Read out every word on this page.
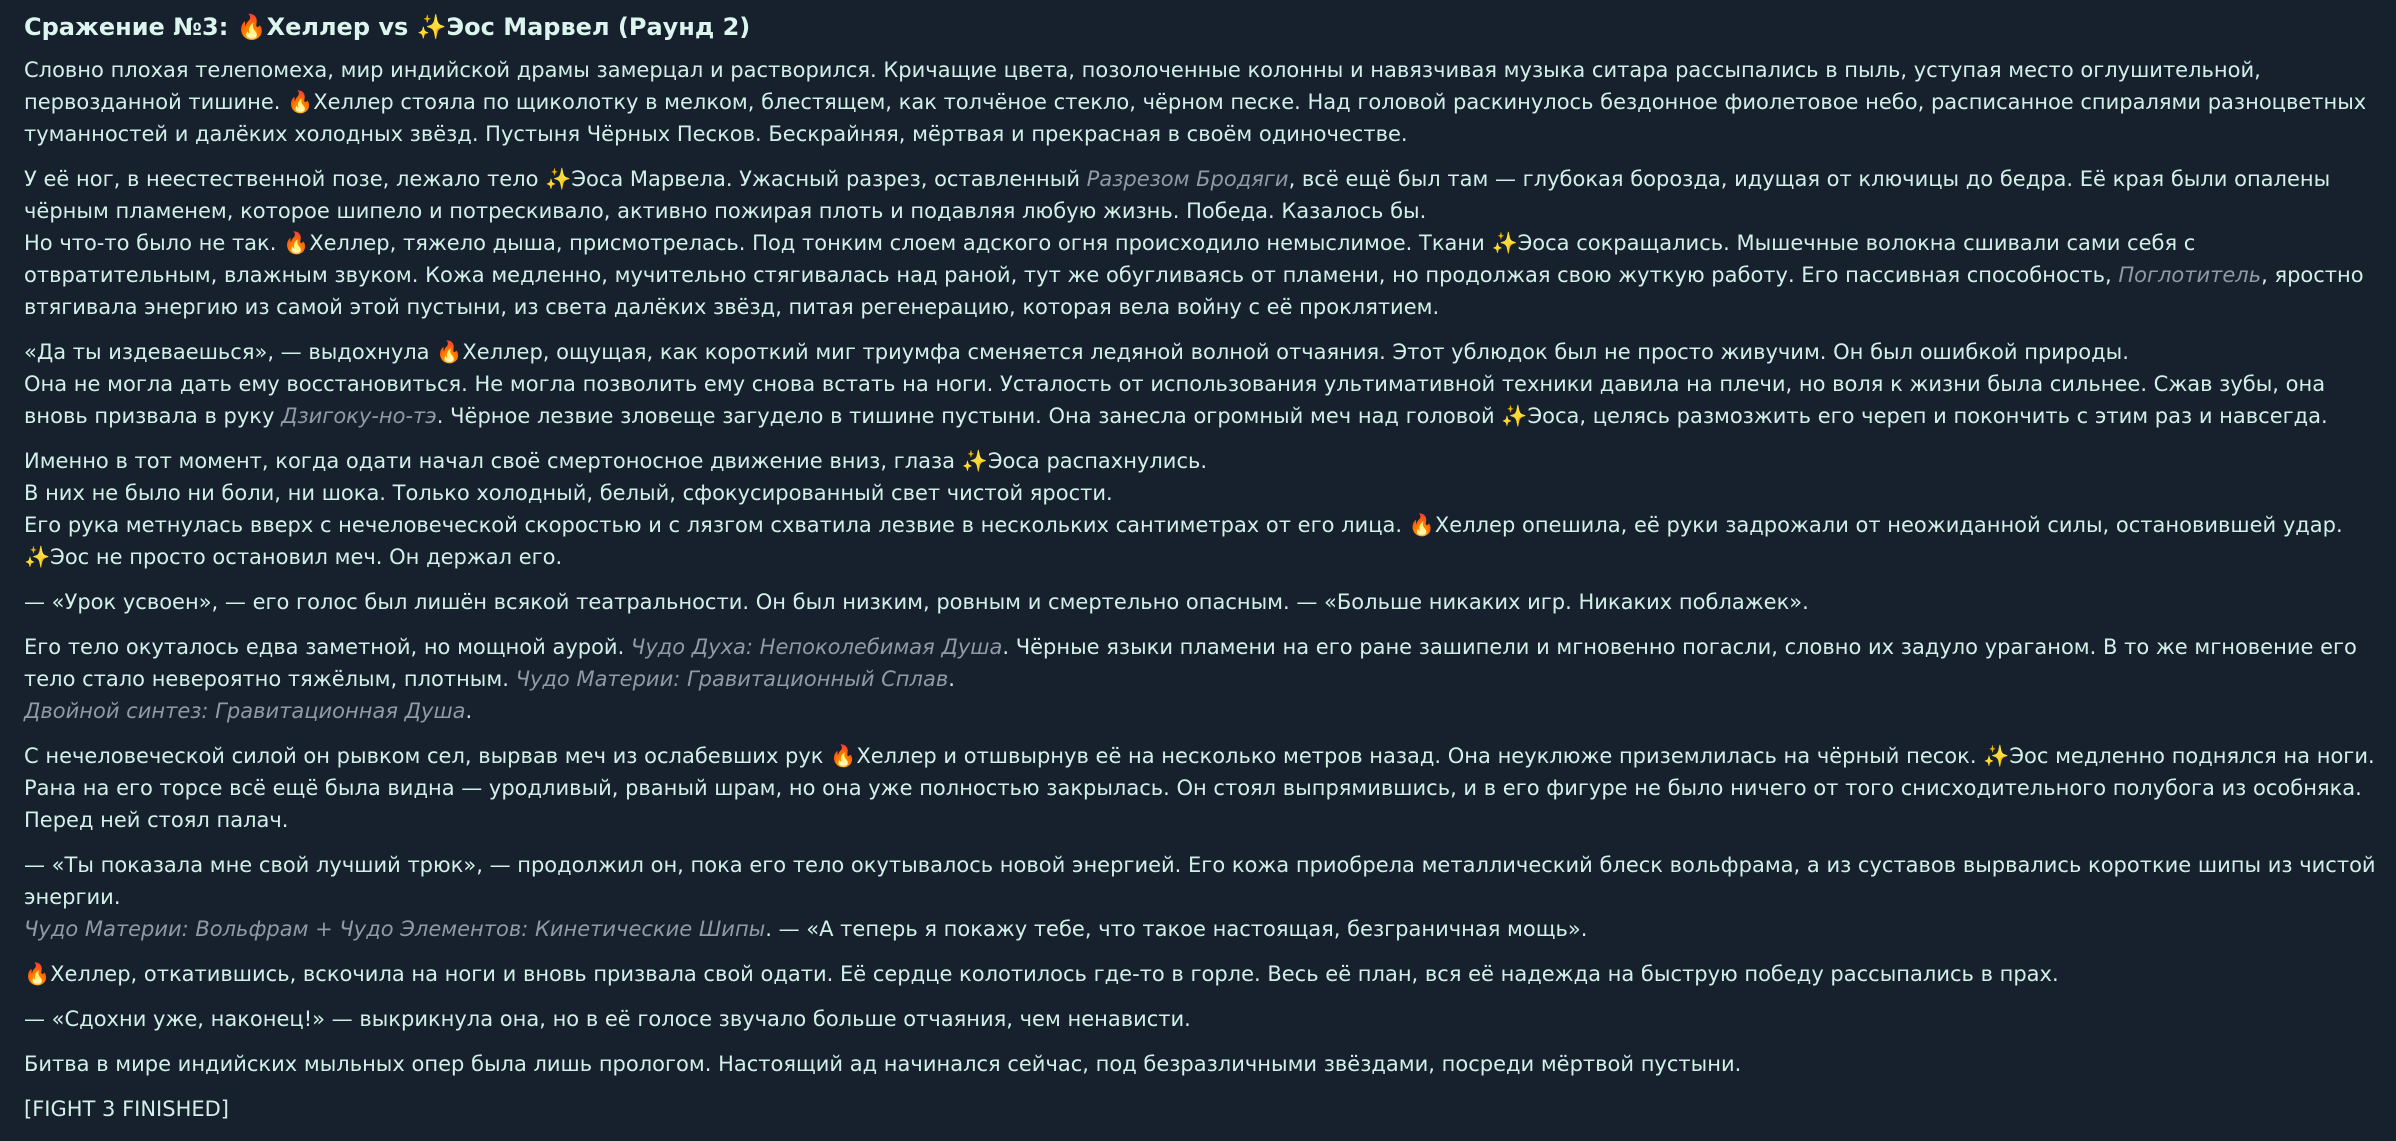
Сражение №3: 🔥Хеллер vs ✨Эос Марвел (Раунд 2)

Словно плохая телепомеха, мир индийской драмы замерцал и растворился. Кричащие цвета, позолоченные колонны и навязчивая музыка ситара рассыпались в пыль, уступая место оглушительной, первозданной тишине. 🔥Хеллер стояла по щиколотку в мелком, блестящем, как толчёное стекло, чёрном песке. Над головой раскинулось бездонное фиолетовое небо, расписанное спиралями разноцветных туманностей и далёких холодных звёзд. Пустыня Чёрных Песков. Бескрайняя, мёртвая и прекрасная в своём одиночестве.

У её ног, в неестественной позе, лежало тело ✨Эоса Марвела. Ужасный разрез, оставленный Разрезом Бродяги, всё ещё был там — глубокая борозда, идущая от ключицы до бедра. Её края были опалены чёрным пламенем, которое шипело и потрескивало, активно пожирая плоть и подавляя любую жизнь. Победа. Казалось бы.
Но что-то было не так. 🔥Хеллер, тяжело дыша, присмотрелась. Под тонким слоем адского огня происходило немыслимое. Ткани ✨Эоса сокращались. Мышечные волокна сшивали сами себя с отвратительным, влажным звуком. Кожа медленно, мучительно стягивалась над раной, тут же обугливаясь от пламени, но продолжая свою жуткую работу. Его пассивная способность, Поглотитель, яростно втягивала энергию из самой этой пустыни, из света далёких звёзд, питая регенерацию, которая вела войну с её проклятием.

«Да ты издеваешься», — выдохнула 🔥Хеллер, ощущая, как короткий миг триумфа сменяется ледяной волной отчаяния. Этот ублюдок был не просто живучим. Он был ошибкой природы.
Она не могла дать ему восстановиться. Не могла позволить ему снова встать на ноги. Усталость от использования ультимативной техники давила на плечи, но воля к жизни была сильнее. Сжав зубы, она вновь призвала в руку Дзигоку-но-тэ. Чёрное лезвие зловеще загудело в тишине пустыни. Она занесла огромный меч над головой ✨Эоса, целясь размозжить его череп и покончить с этим раз и навсегда.

Именно в тот момент, когда одати начал своё смертоносное движение вниз, глаза ✨Эоса распахнулись.
В них не было ни боли, ни шока. Только холодный, белый, сфокусированный свет чистой ярости.
Его рука метнулась вверх с нечеловеческой скоростью и с лязгом схватила лезвие в нескольких сантиметрах от его лица. 🔥Хеллер опешила, её руки задрожали от неожиданной силы, остановившей удар. ✨Эос не просто остановил меч. Он держал его.

— «Урок усвоен», — его голос был лишён всякой театральности. Он был низким, ровным и смертельно опасным. — «Больше никаких игр. Никаких поблажек».

Его тело окуталось едва заметной, но мощной аурой. Чудо Духа: Непоколебимая Душа. Чёрные языки пламени на его ране зашипели и мгновенно погасли, словно их задуло ураганом. В то же мгновение его тело стало невероятно тяжёлым, плотным. Чудо Материи: Гравитационный Сплав.
Двойной синтез: Гравитационная Душа.

С нечеловеческой силой он рывком сел, вырвав меч из ослабевших рук 🔥Хеллер и отшвырнув её на несколько метров назад. Она неуклюже приземлилась на чёрный песок. ✨Эос медленно поднялся на ноги. Рана на его торсе всё ещё была видна — уродливый, рваный шрам, но она уже полностью закрылась. Он стоял выпрямившись, и в его фигуре не было ничего от того снисходительного полубога из особняка. Перед ней стоял палач.

— «Ты показала мне свой лучший трюк», — продолжил он, пока его тело окутывалось новой энергией. Его кожа приобрела металлический блеск вольфрама, а из суставов вырвались короткие шипы из чистой энергии.
Чудо Материи: Вольфрам + Чудо Элементов: Кинетические Шипы. — «А теперь я покажу тебе, что такое настоящая, безграничная мощь».

🔥Хеллер, откатившись, вскочила на ноги и вновь призвала свой одати. Её сердце колотилось где-то в горле. Весь её план, вся её надежда на быструю победу рассыпались в прах.

— «Сдохни уже, наконец!» — выкрикнула она, но в её голосе звучало больше отчаяния, чем ненависти.

Битва в мире индийских мыльных опер была лишь прологом. Настоящий ад начинался сейчас, под безразличными звёздами, посреди мёртвой пустыни.

[FIGHT 3 FINISHED]
